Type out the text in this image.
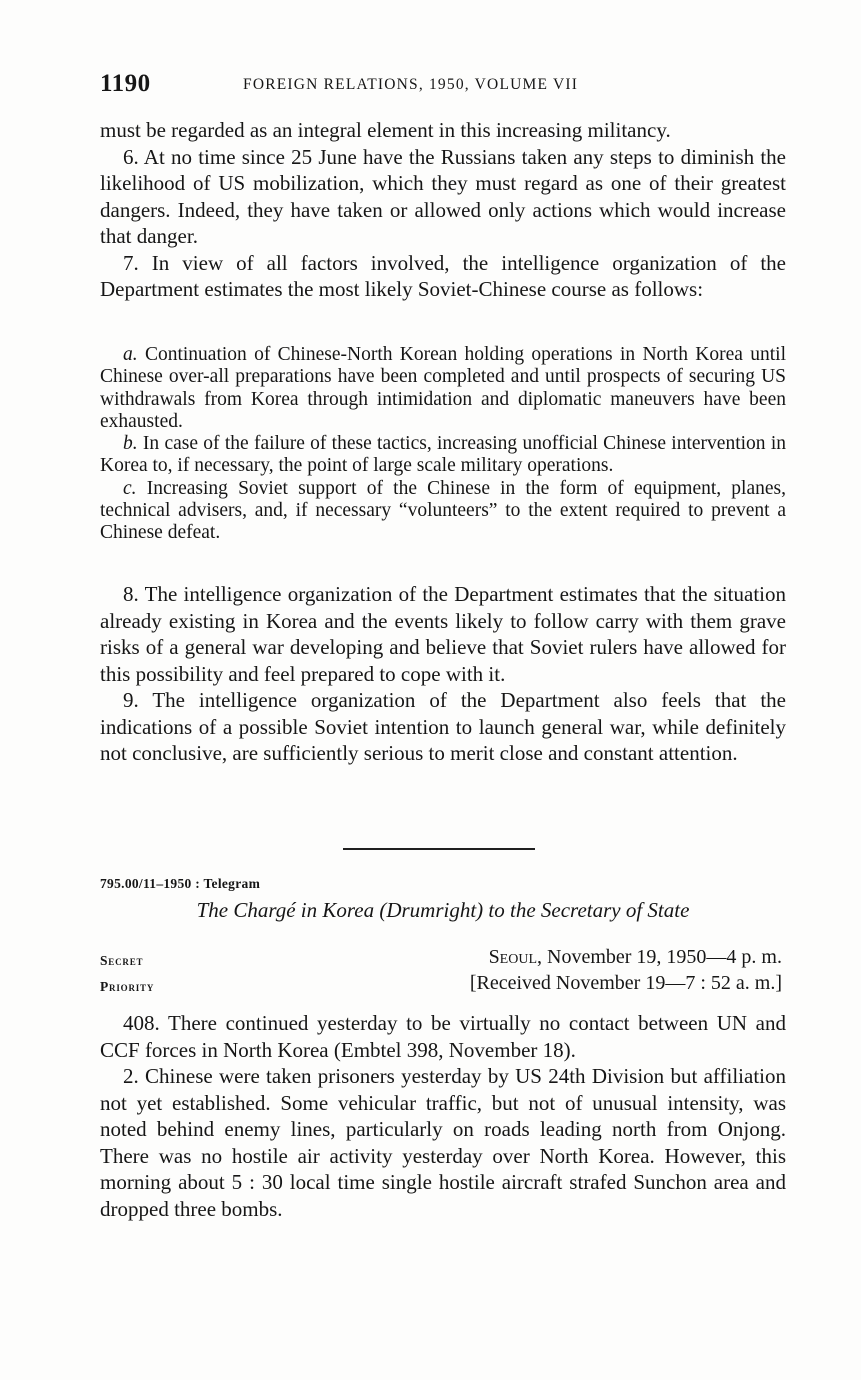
1190	FOREIGN RELATIONS, 1950, VOLUME VII

must be regarded as an integral element in this increasing militancy.

6. At no time since 25 June have the Russians taken any steps to diminish the likelihood of US mobilization, which they must regard as one of their greatest dangers. Indeed, they have taken or allowed only actions which would increase that danger.

7. In view of all factors involved, the intelligence organization of the Department estimates the most likely Soviet-Chinese course as follows:

a. Continuation of Chinese-North Korean holding operations in North Korea until Chinese over-all preparations have been completed and until prospects of securing US withdrawals from Korea through intimidation and diplomatic maneuvers have been exhausted.

b. In case of the failure of these tactics, increasing unofficial Chinese intervention in Korea to, if necessary, the point of large scale military operations.

c. Increasing Soviet support of the Chinese in the form of equipment, planes, technical advisers, and, if necessary “volunteers” to the extent required to prevent a Chinese defeat.

8. The intelligence organization of the Department estimates that the situation already existing in Korea and the events likely to follow carry with them grave risks of a general war developing and believe that Soviet rulers have allowed for this possibility and feel prepared to cope with it.

9. The intelligence organization of the Department also feels that the indications of a possible Soviet intention to launch general war, while definitely not conclusive, are sufficiently serious to merit close and constant attention.

795.00/11–1950 : Telegram
The Chargé in Korea (Drumright) to the Secretary of State
Secret	Seoul, November 19, 1950—4 p. m.
Priority	[Received November 19—7 : 52 a. m.]

408. There continued yesterday to be virtually no contact between UN and CCF forces in North Korea (Embtel 398, November 18).

2. Chinese were taken prisoners yesterday by US 24th Division but affiliation not yet established. Some vehicular traffic, but not of unusual intensity, was noted behind enemy lines, particularly on roads leading north from Onjong. There was no hostile air activity yesterday over North Korea. However, this morning about 5 : 30 local time single hostile aircraft strafed Sunchon area and dropped three bombs.
